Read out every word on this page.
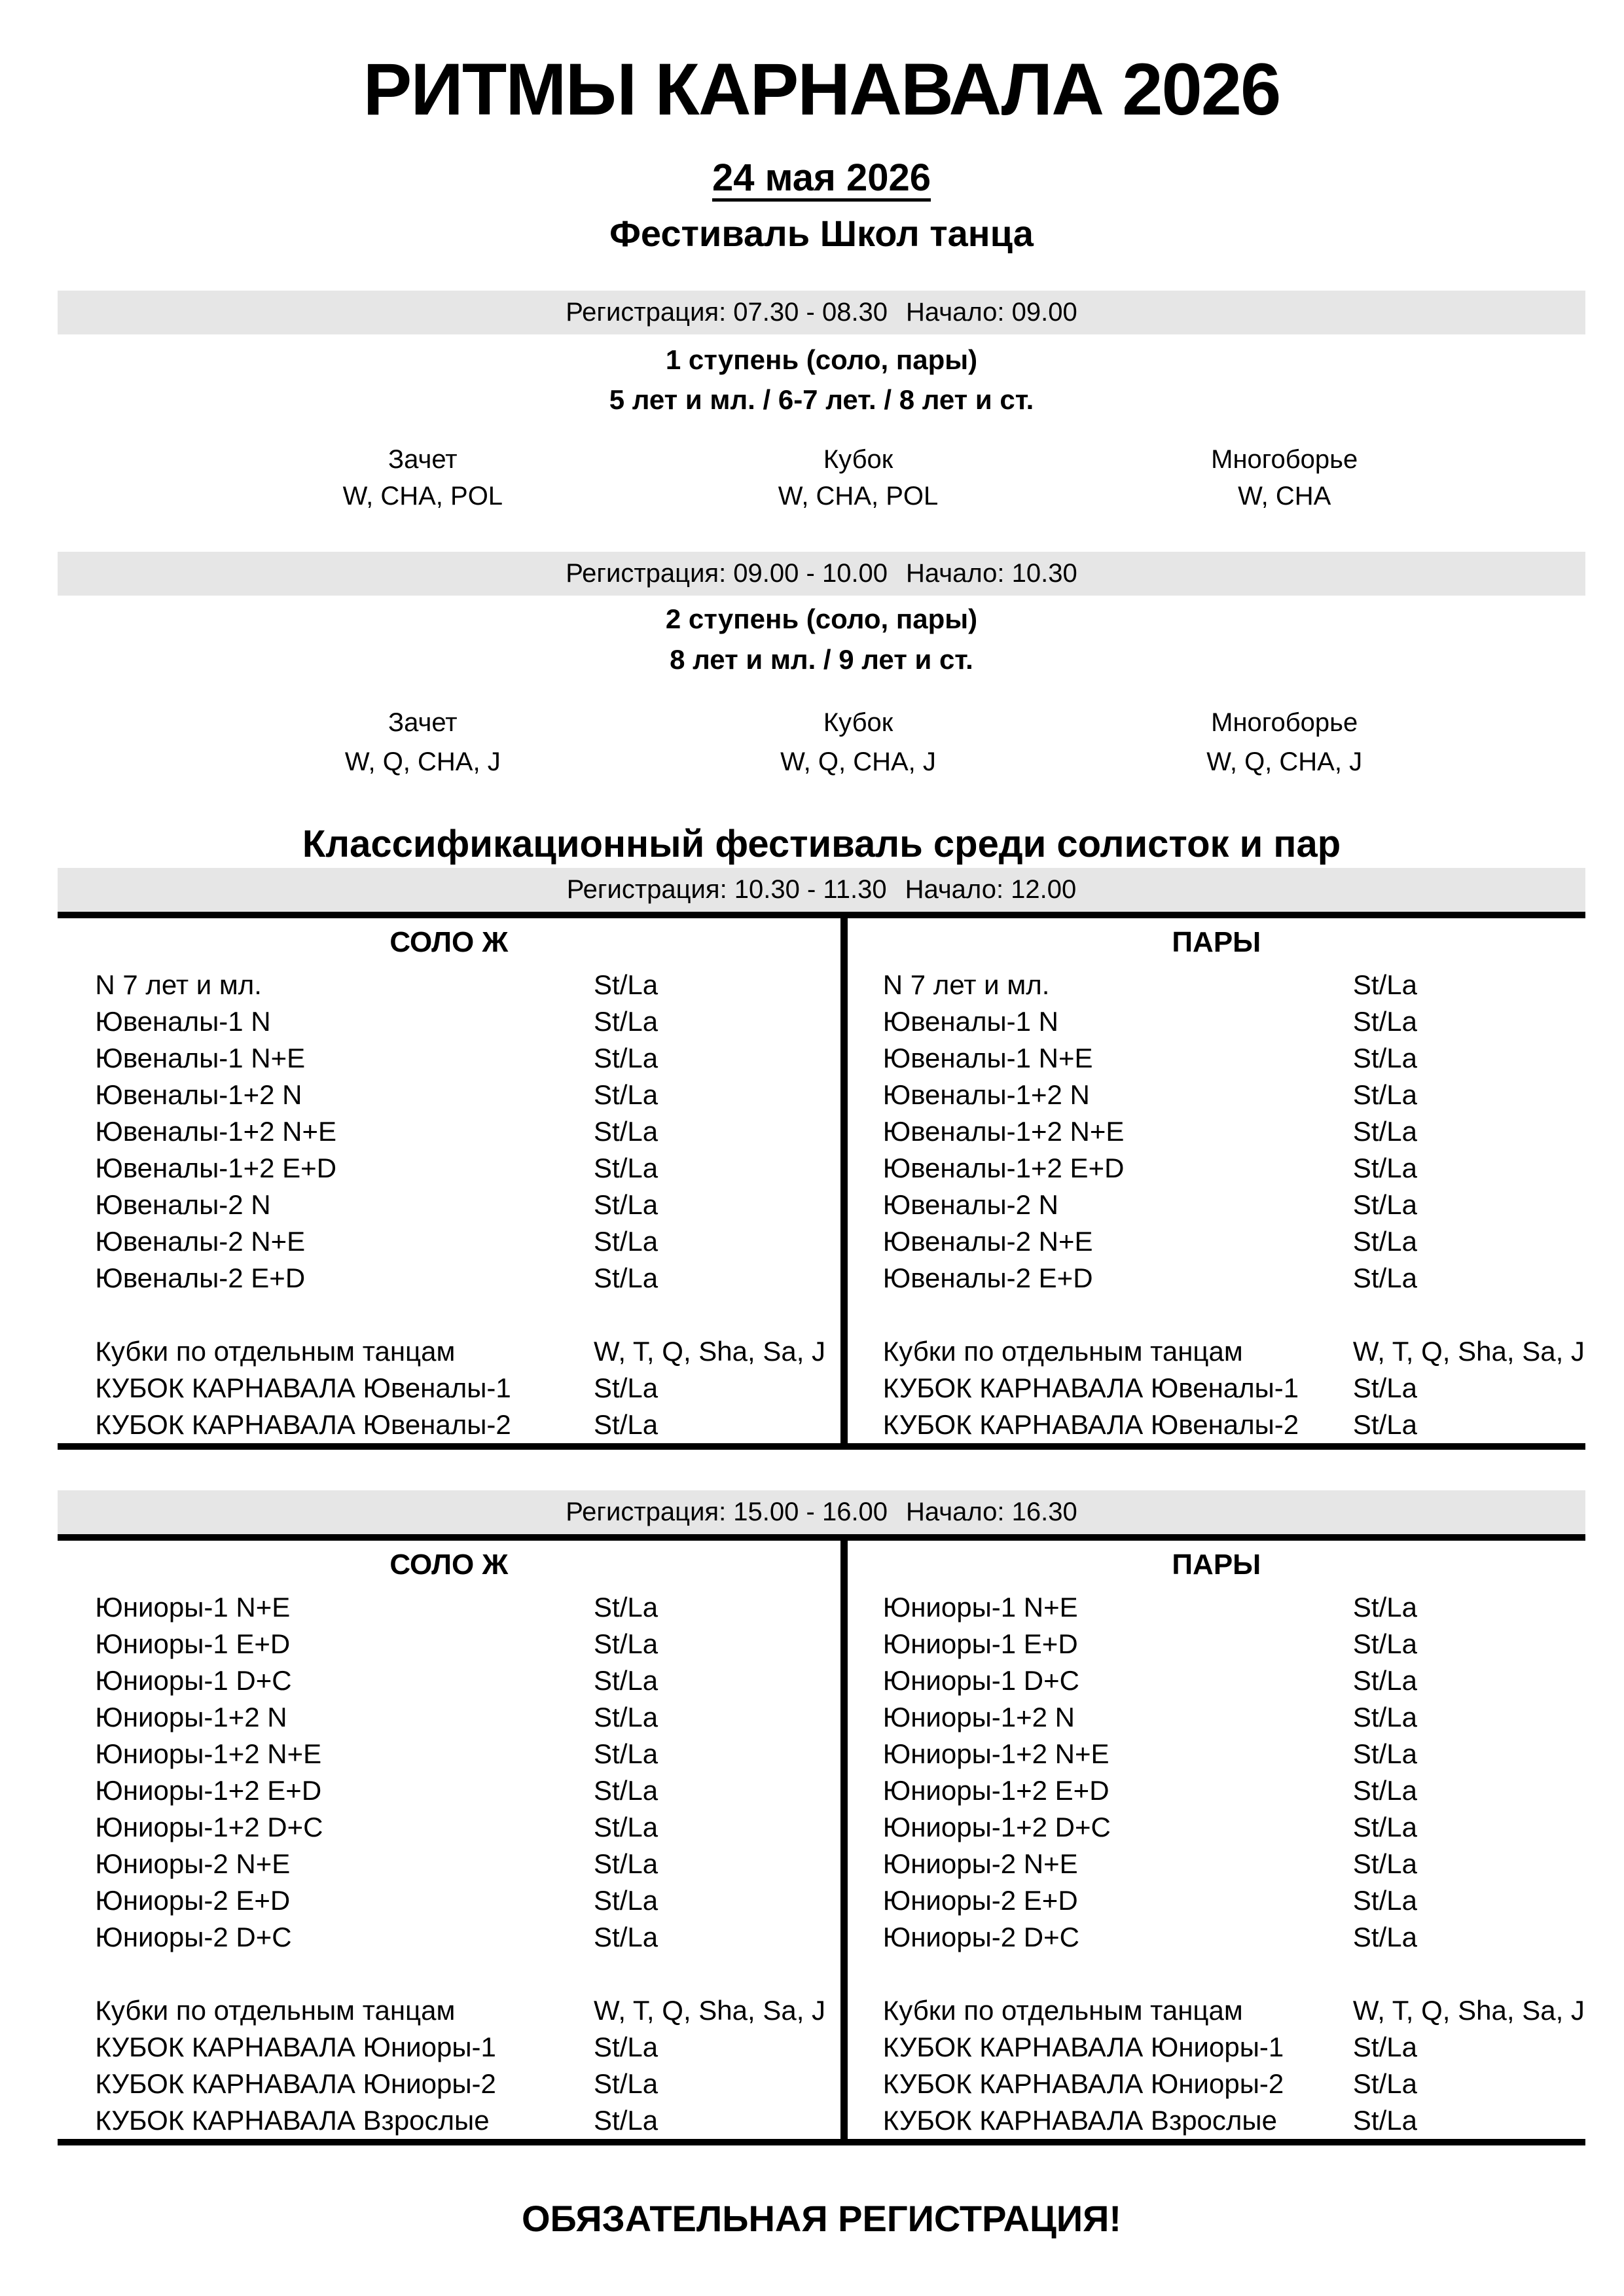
РИТМЫ КАРНАВАЛА 2026
24 мая 2026
Фестиваль Школ танца
Регистрация: 07.30 - 08.30 Начало: 09.00
1 ступень (соло, пары)
5 лет и мл. / 6-7 лет. / 8 лет и ст.
Зачет	Кубок	Многоборье
W, CHA, POL	W, CHA, POL	W, CHA
Регистрация: 09.00 - 10.00 Начало: 10.30
2 ступень (соло, пары)
8 лет и мл. / 9 лет и ст.
Зачет	Кубок	Многоборье
W, Q, CHA, J	W, Q, CHA, J	W, Q, CHA, J
Классификационный фестиваль среди солисток и пар
Регистрация: 10.30 - 11.30 Начало: 12.00
СОЛО Ж
N 7 лет и мл.	St/La
Ювеналы-1 N	St/La
Ювеналы-1 N+E	St/La
Ювеналы-1+2 N	St/La
Ювеналы-1+2 N+E	St/La
Ювеналы-1+2 E+D	St/La
Ювеналы-2 N	St/La
Ювеналы-2 N+E	St/La
Ювеналы-2 E+D	St/La
Кубки по отдельным танцам	W, T, Q, Sha, Sa, J
КУБОК КАРНАВАЛА Ювеналы-1	St/La
КУБОК КАРНАВАЛА Ювеналы-2	St/La
ПАРЫ
N 7 лет и мл.	St/La
Ювеналы-1 N	St/La
Ювеналы-1 N+E	St/La
Ювеналы-1+2 N	St/La
Ювеналы-1+2 N+E	St/La
Ювеналы-1+2 E+D	St/La
Ювеналы-2 N	St/La
Ювеналы-2 N+E	St/La
Ювеналы-2 E+D	St/La
Кубки по отдельным танцам	W, T, Q, Sha, Sa, J
КУБОК КАРНАВАЛА Ювеналы-1	St/La
КУБОК КАРНАВАЛА Ювеналы-2	St/La
Регистрация: 15.00 - 16.00 Начало: 16.30
СОЛО Ж
Юниоры-1 N+E	St/La
Юниоры-1 E+D	St/La
Юниоры-1 D+C	St/La
Юниоры-1+2 N	St/La
Юниоры-1+2 N+E	St/La
Юниоры-1+2 E+D	St/La
Юниоры-1+2 D+C	St/La
Юниоры-2 N+E	St/La
Юниоры-2 E+D	St/La
Юниоры-2 D+C	St/La
Кубки по отдельным танцам	W, T, Q, Sha, Sa, J
КУБОК КАРНАВАЛА Юниоры-1	St/La
КУБОК КАРНАВАЛА Юниоры-2	St/La
КУБОК КАРНАВАЛА Взрослые	St/La
ПАРЫ
Юниоры-1 N+E	St/La
Юниоры-1 E+D	St/La
Юниоры-1 D+C	St/La
Юниоры-1+2 N	St/La
Юниоры-1+2 N+E	St/La
Юниоры-1+2 E+D	St/La
Юниоры-1+2 D+C	St/La
Юниоры-2 N+E	St/La
Юниоры-2 E+D	St/La
Юниоры-2 D+C	St/La
Кубки по отдельным танцам	W, T, Q, Sha, Sa, J
КУБОК КАРНАВАЛА Юниоры-1	St/La
КУБОК КАРНАВАЛА Юниоры-2	St/La
КУБОК КАРНАВАЛА Взрослые	St/La
ОБЯЗАТЕЛЬНАЯ РЕГИСТРАЦИЯ!
